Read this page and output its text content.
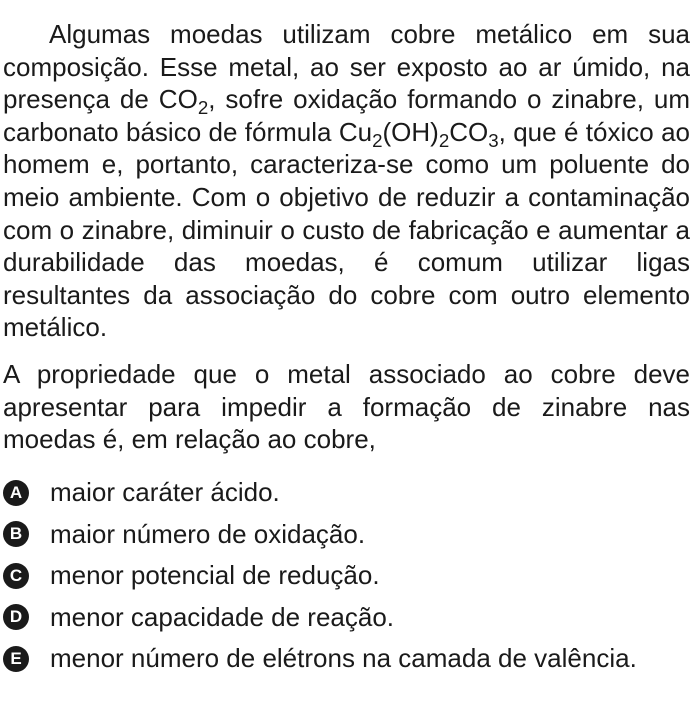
Algumas moedas utilizam cobre metálico em sua composição. Esse metal, ao ser exposto ao ar úmido, na presença de $CO_2$, sofre oxidação formando o zinabre, um carbonato básico de fórmula $Cu_2(OH)_2CO_3$, que é tóxico ao homem e, portanto, caracteriza-se como um poluente do meio ambiente. Com o objetivo de reduzir a contaminação com o zinabre, diminuir o custo de fabricação e aumentar a durabilidade das moedas, é comum utilizar ligas resultantes da associação do cobre com outro elemento metálico.

A propriedade que o metal associado ao cobre deve apresentar para impedir a formação de zinabre nas moedas é, em relação ao cobre,

A maior caráter ácido.
B maior número de oxidação.
C menor potencial de redução.
D menor capacidade de reação.
E menor número de elétrons na camada de valência.
